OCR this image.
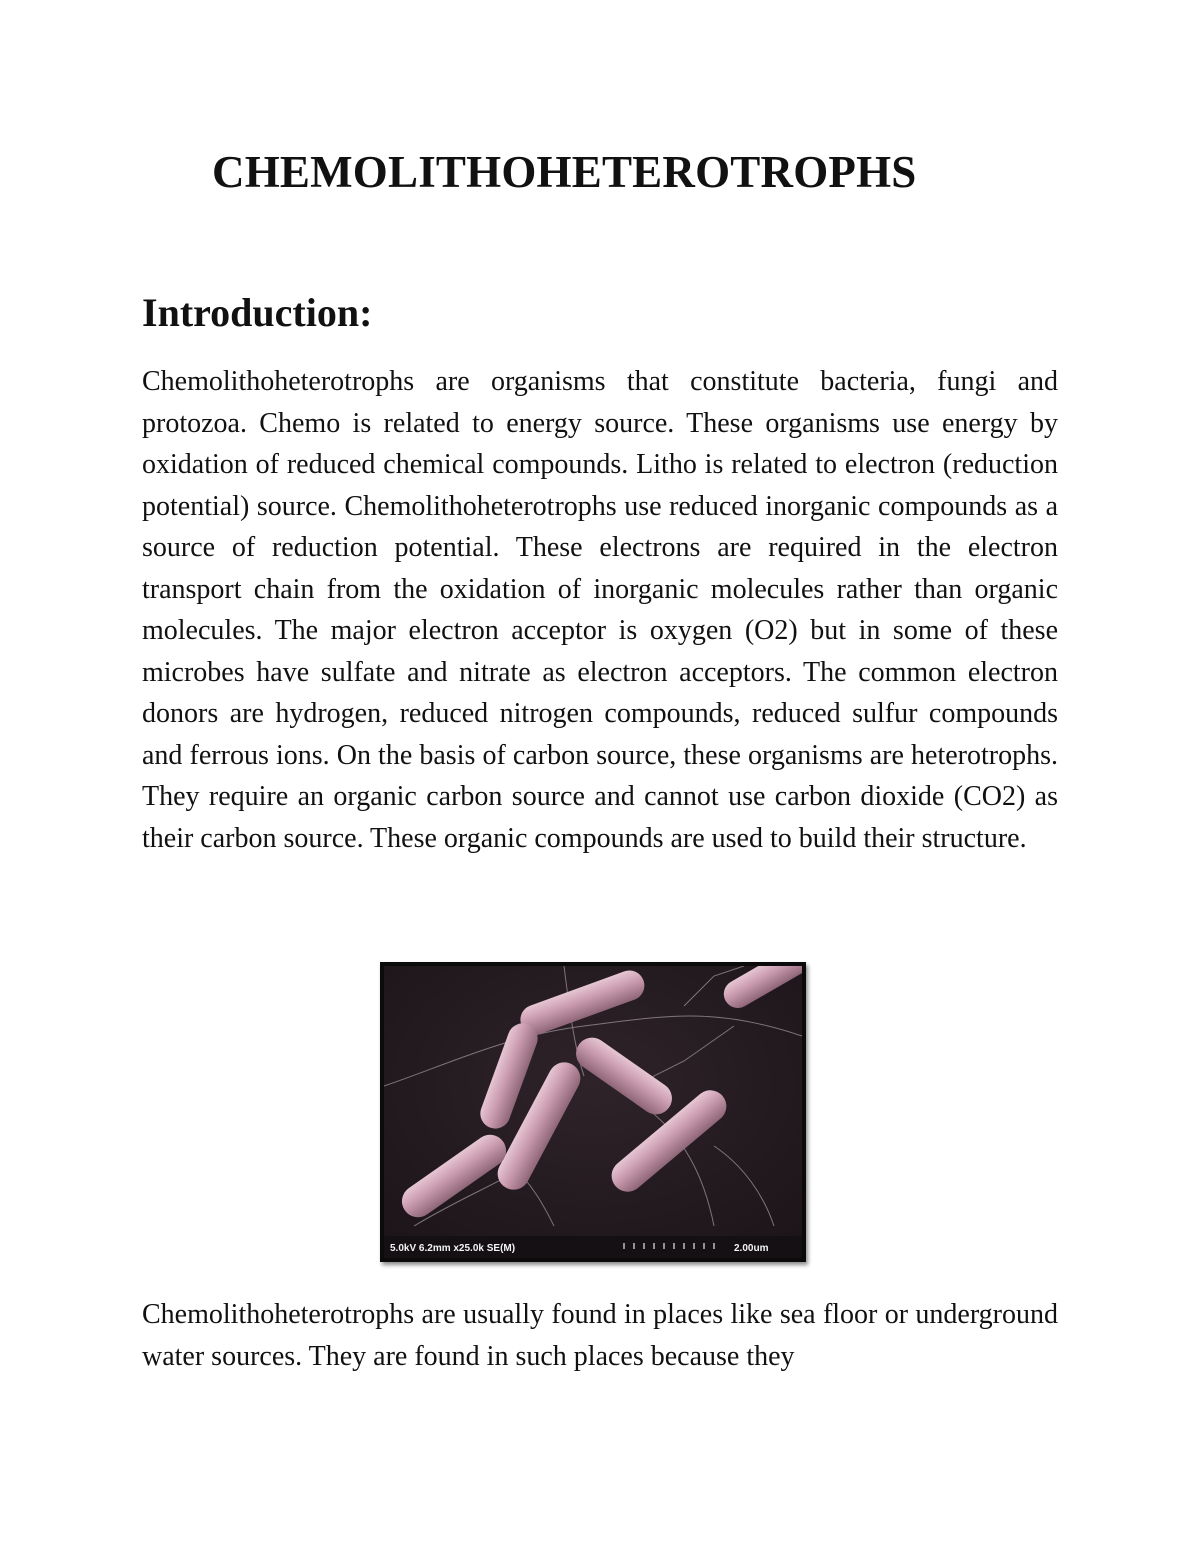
CHEMOLITHOHETEROTROPHS
Introduction:

Chemolithoheterotrophs are organisms that constitute bacteria, fungi and protozoa. Chemo is related to energy source. These organisms use energy by oxidation of reduced chemical compounds. Litho is related to electron (reduction potential) source. Chemolithoheterotrophs use reduced inorganic compounds as a source of reduction potential. These electrons are required in the electron transport chain from the oxidation of inorganic molecules rather than organic molecules. The major electron acceptor is oxygen (O2) but in some of these microbes have sulfate and nitrate as electron acceptors. The common electron donors are hydrogen, reduced nitrogen compounds, reduced sulfur compounds and ferrous ions. On the basis of carbon source, these organisms are heterotrophs. They require an organic carbon source and cannot use carbon dioxide (CO2) as their carbon source. These organic compounds are used to build their structure.

5.0kV 6.2mm x25.0k SE(M)	2.00um

Chemolithoheterotrophs are usually found in places like sea floor or underground water sources. They are found in such places because they
